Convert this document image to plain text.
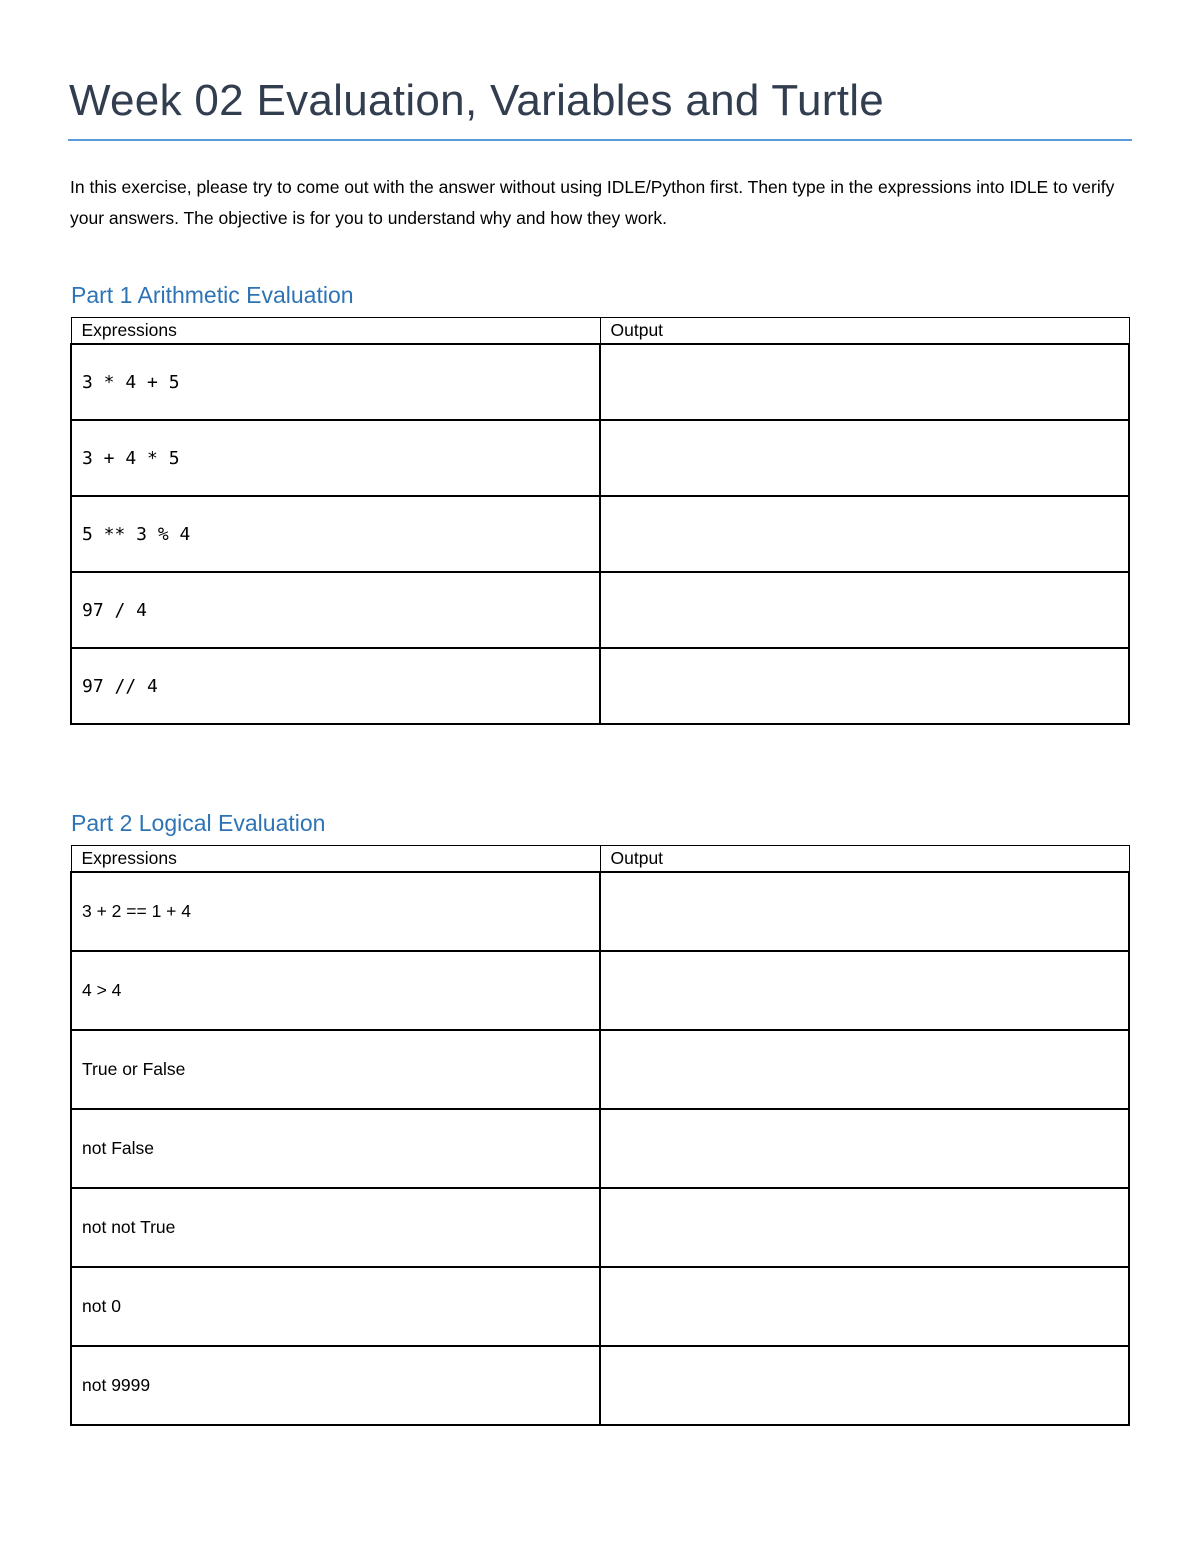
Week 02 Evaluation, Variables and Turtle
In this exercise, please try to come out with the answer without using IDLE/Python first. Then type in the expressions into IDLE to verify your answers. The objective is for you to understand why and how they work.
Part 1 Arithmetic Evaluation
Expressions	Output
3 * 4 + 5	
3 + 4 * 5	
5 ** 3 % 4	
97 / 4	
97 // 4	
Part 2 Logical Evaluation
Expressions	Output
3 + 2 == 1 + 4	
4 > 4	
True or False	
not False	
not not True	
not 0	
not 9999	
